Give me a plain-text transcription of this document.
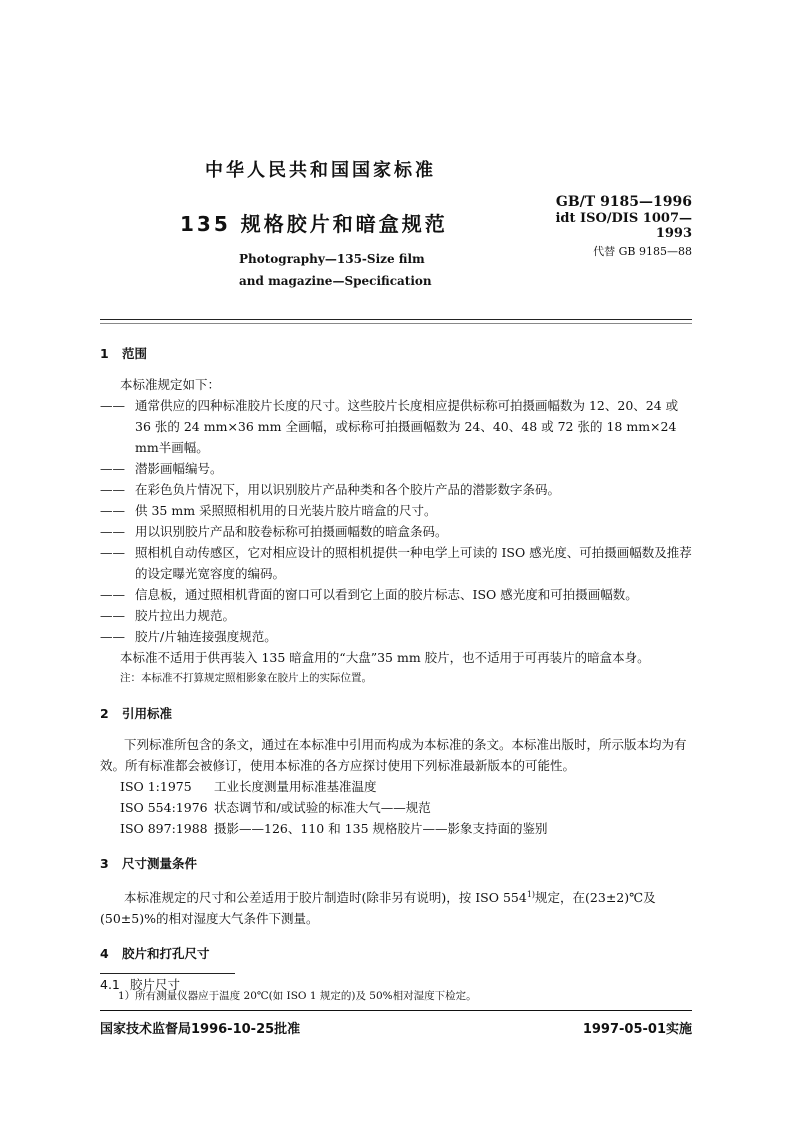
中华人民共和国国家标准
GB/T 9185—1996
idt ISO/DIS 1007—1993
135 规格胶片和暗盒规范
代替 GB 9185—88
Photography—135-Size film
and magazine—Specification

1 范围

本标准规定如下：

—— 通常供应的四种标准胶片长度的尺寸。这些胶片长度相应提供标称可拍摄画幅数为 12、20、24 或 36 张的 24 mm×36 mm 全画幅，或标称可拍摄画幅数为 24、40、48 或 72 张的 18 mm×24 mm半画幅。

—— 潜影画幅编号。

—— 在彩色负片情况下，用以识别胶片产品种类和各个胶片产品的潜影数字条码。

—— 供 35 mm 采照照相机用的日光装片胶片暗盒的尺寸。

—— 用以识别胶片产品和胶卷标称可拍摄画幅数的暗盒条码。

—— 照相机自动传感区，它对相应设计的照相机提供一种电学上可读的 ISO 感光度、可拍摄画幅数及推荐的设定曝光宽容度的编码。

—— 信息板，通过照相机背面的窗口可以看到它上面的胶片标志、ISO 感光度和可拍摄画幅数。

—— 胶片拉出力规范。

—— 胶片/片轴连接强度规范。

本标准不适用于供再装入 135 暗盒用的“大盘”35 mm 胶片，也不适用于可再装片的暗盒本身。

注：本标准不打算规定照相影象在胶片上的实际位置。

2 引用标准

下列标准所包含的条文，通过在本标准中引用而构成为本标准的条文。本标准出版时，所示版本均为有效。所有标准都会被修订，使用本标准的各方应探讨使用下列标准最新版本的可能性。

ISO 1:1975 工业长度测量用标准基准温度

ISO 554:1976 状态调节和/或试验的标准大气——规范

ISO 897:1988 摄影——126、110 和 135 规格胶片——影象支持面的鉴别

3 尺寸测量条件

本标准规定的尺寸和公差适用于胶片制造时(除非另有说明)，按 ISO 554$^{1)}$规定，在(23±2)℃及(50±5)%的相对湿度大气条件下测量。

4 胶片和打孔尺寸

4.1 胶片尺寸

1）所有测量仪器应于温度 20℃(如 ISO 1 规定的)及 50%相对湿度下检定。
国家技术监督局1996-10-25批准	1997-05-01实施
